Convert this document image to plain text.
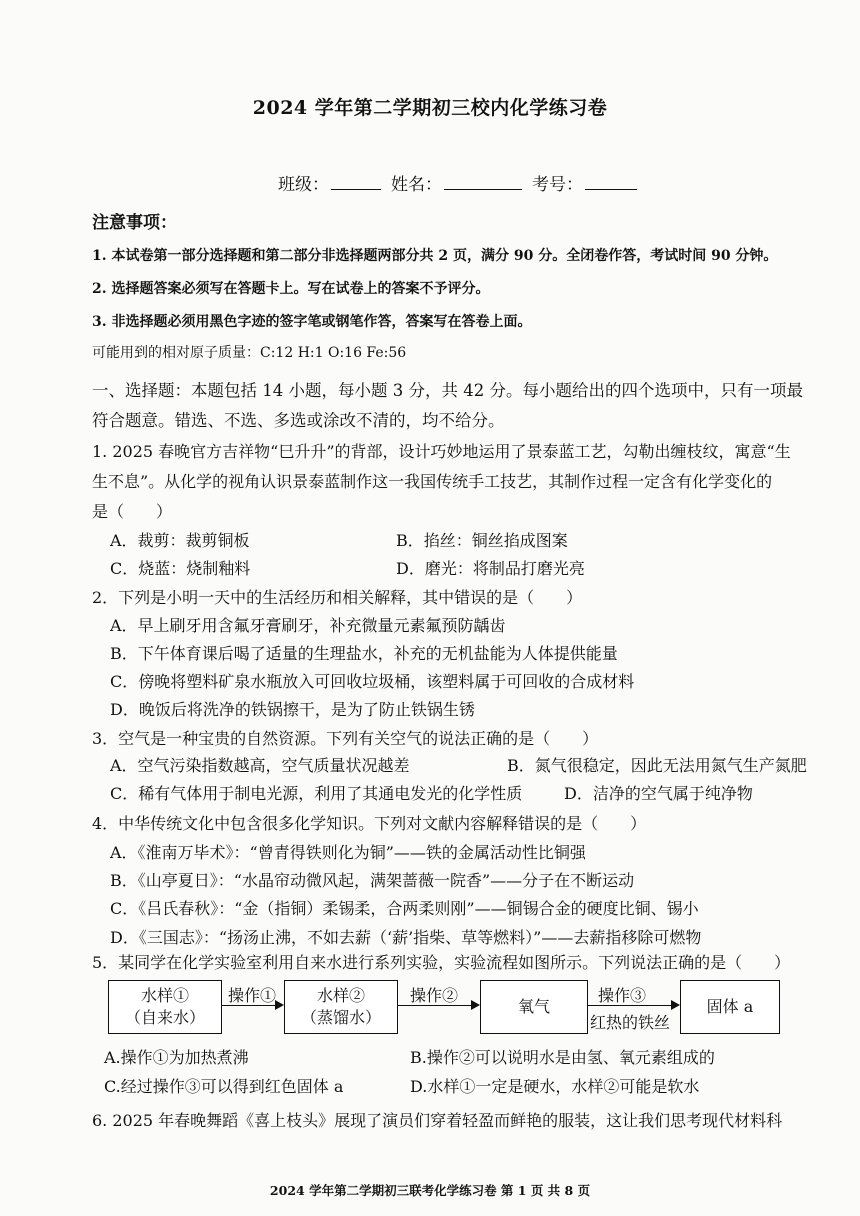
2024 学年第二学期初三校内化学练习卷
班级：	姓名：	考号：
注意事项：
1. 本试卷第一部分选择题和第二部分非选择题两部分共 2 页，满分 90 分。全闭卷作答，考试时间 90 分钟。
2. 选择题答案必须写在答题卡上。写在试卷上的答案不予评分。
3. 非选择题必须用黑色字迹的签字笔或钢笔作答，答案写在答卷上面。
可能用到的相对原子质量：C:12 H:1 O:16 Fe:56
一、选择题：本题包括 14 小题，每小题 3 分，共 42 分。每小题给出的四个选项中，只有一项最
符合题意。错选、不选、多选或涂改不清的，均不给分。
1. 2025 春晚官方吉祥物“巳升升”的背部，设计巧妙地运用了景泰蓝工艺，勾勒出缠枝纹，寓意“生
生不息”。从化学的视角认识景泰蓝制作这一我国传统手工技艺，其制作过程一定含有化学变化的
是（　　）
A．裁剪：裁剪铜板	B．掐丝：铜丝掐成图案
C．烧蓝：烧制釉料	D．磨光：将制品打磨光亮
2．下列是小明一天中的生活经历和相关解释，其中错误的是（　　）
A．早上刷牙用含氟牙膏刷牙，补充微量元素氟预防龋齿
B．下午体育课后喝了适量的生理盐水，补充的无机盐能为人体提供能量
C．傍晚将塑料矿泉水瓶放入可回收垃圾桶，该塑料属于可回收的合成材料
D．晚饭后将洗净的铁锅擦干，是为了防止铁锅生锈
3．空气是一种宝贵的自然资源。下列有关空气的说法正确的是（　　）
A．空气污染指数越高，空气质量状况越差	B．氮气很稳定，因此无法用氮气生产氮肥
C．稀有气体用于制电光源，利用了其通电发光的化学性质	D．洁净的空气属于纯净物
4．中华传统文化中包含很多化学知识。下列对文献内容解释错误的是（　　）
A．《淮南万毕术》：“曾青得铁则化为铜”——铁的金属活动性比铜强
B．《山亭夏日》：“水晶帘动微风起，满架蔷薇一院香”——分子在不断运动
C．《吕氏春秋》：“金（指铜）柔锡柔，合两柔则刚”——铜锡合金的硬度比铜、锡小
D．《三国志》：“扬汤止沸，不如去薪（‘薪’指柴、草等燃料）”——去薪指移除可燃物
5．某同学在化学实验室利用自来水进行系列实验，实验流程如图所示。下列说法正确的是（　　）
水样①
（自来水）
操作①	水样②
（蒸馏水）
操作②
氧气
操作③
红热的铁丝
固体 a
A.操作①为加热煮沸	B.操作②可以说明水是由氢、氧元素组成的
C.经过操作③可以得到红色固体 a	D.水样①一定是硬水，水样②可能是软水
6. 2025 年春晚舞蹈《喜上枝头》展现了演员们穿着轻盈而鲜艳的服装，这让我们思考现代材料科
2024 学年第二学期初三联考化学练习卷 第 1 页 共 8 页
